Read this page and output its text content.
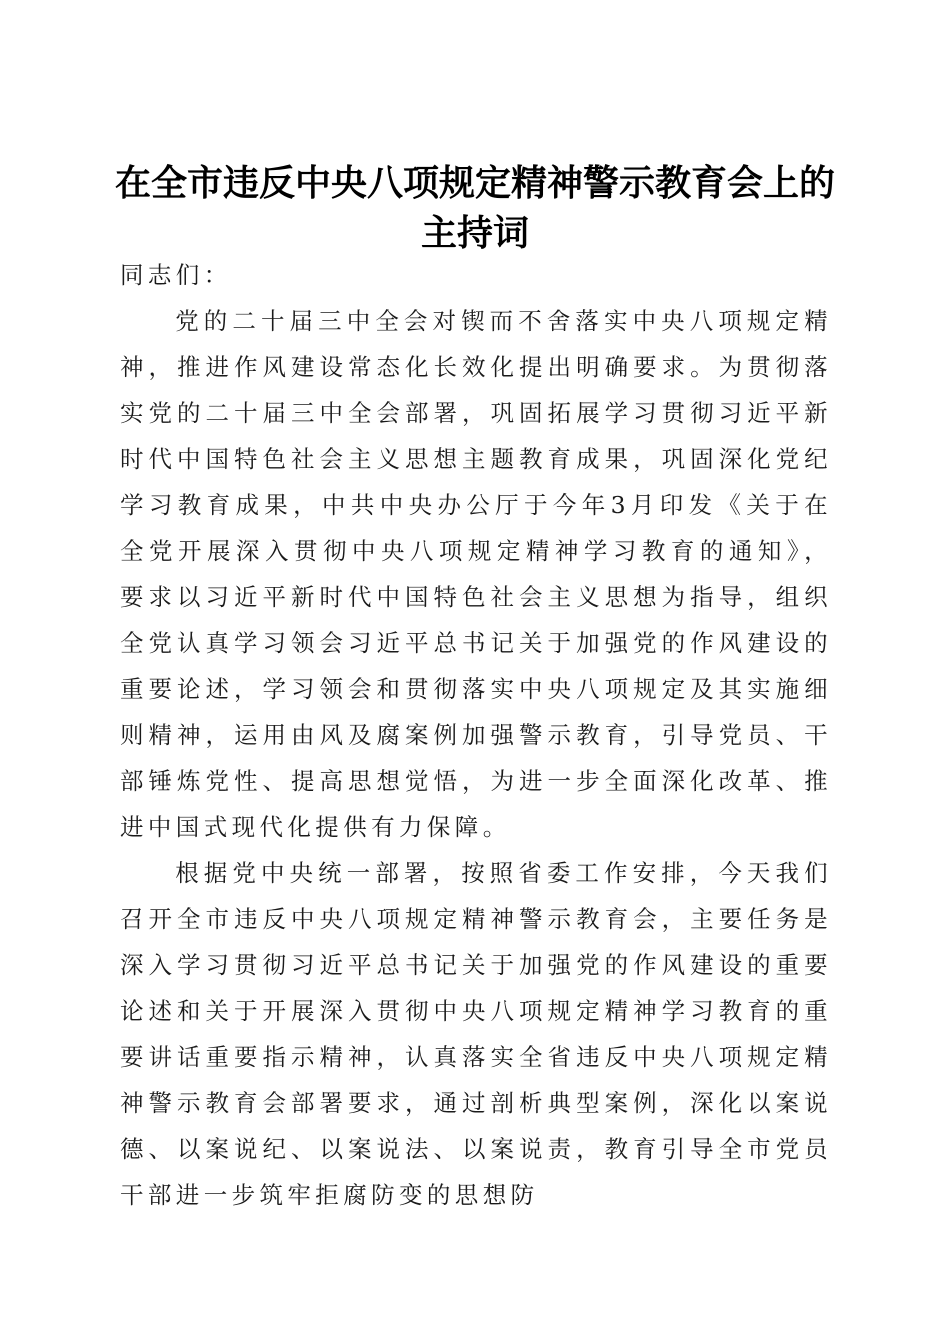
在全市违反中央八项规定精神警示教育会上的
主持词

同志们：

党的二十届三中全会对锲而不舍落实中央八项规定精神，推进作风建设常态化长效化提出明确要求。为贯彻落实党的二十届三中全会部署，巩固拓展学习贯彻习近平新时代中国特色社会主义思想主题教育成果，巩固深化党纪学习教育成果，中共中央办公厅于今年3月印发《关于在全党开展深入贯彻中央八项规定精神学习教育的通知》，要求以习近平新时代中国特色社会主义思想为指导，组织全党认真学习领会习近平总书记关于加强党的作风建设的重要论述，学习领会和贯彻落实中央八项规定及其实施细则精神，运用由风及腐案例加强警示教育，引导党员、干部锤炼党性、提高思想觉悟，为进一步全面深化改革、推进中国式现代化提供有力保障。

根据党中央统一部署，按照省委工作安排，今天我们召开全市违反中央八项规定精神警示教育会，主要任务是深入学习贯彻习近平总书记关于加强党的作风建设的重要论述和关于开展深入贯彻中央八项规定精神学习教育的重要讲话重要指示精神，认真落实全省违反中央八项规定精神警示教育会部署要求，通过剖析典型案例，深化以案说德、以案说纪、以案说法、以案说责，教育引导全市党员干部进一步筑牢拒腐防变的思想防
